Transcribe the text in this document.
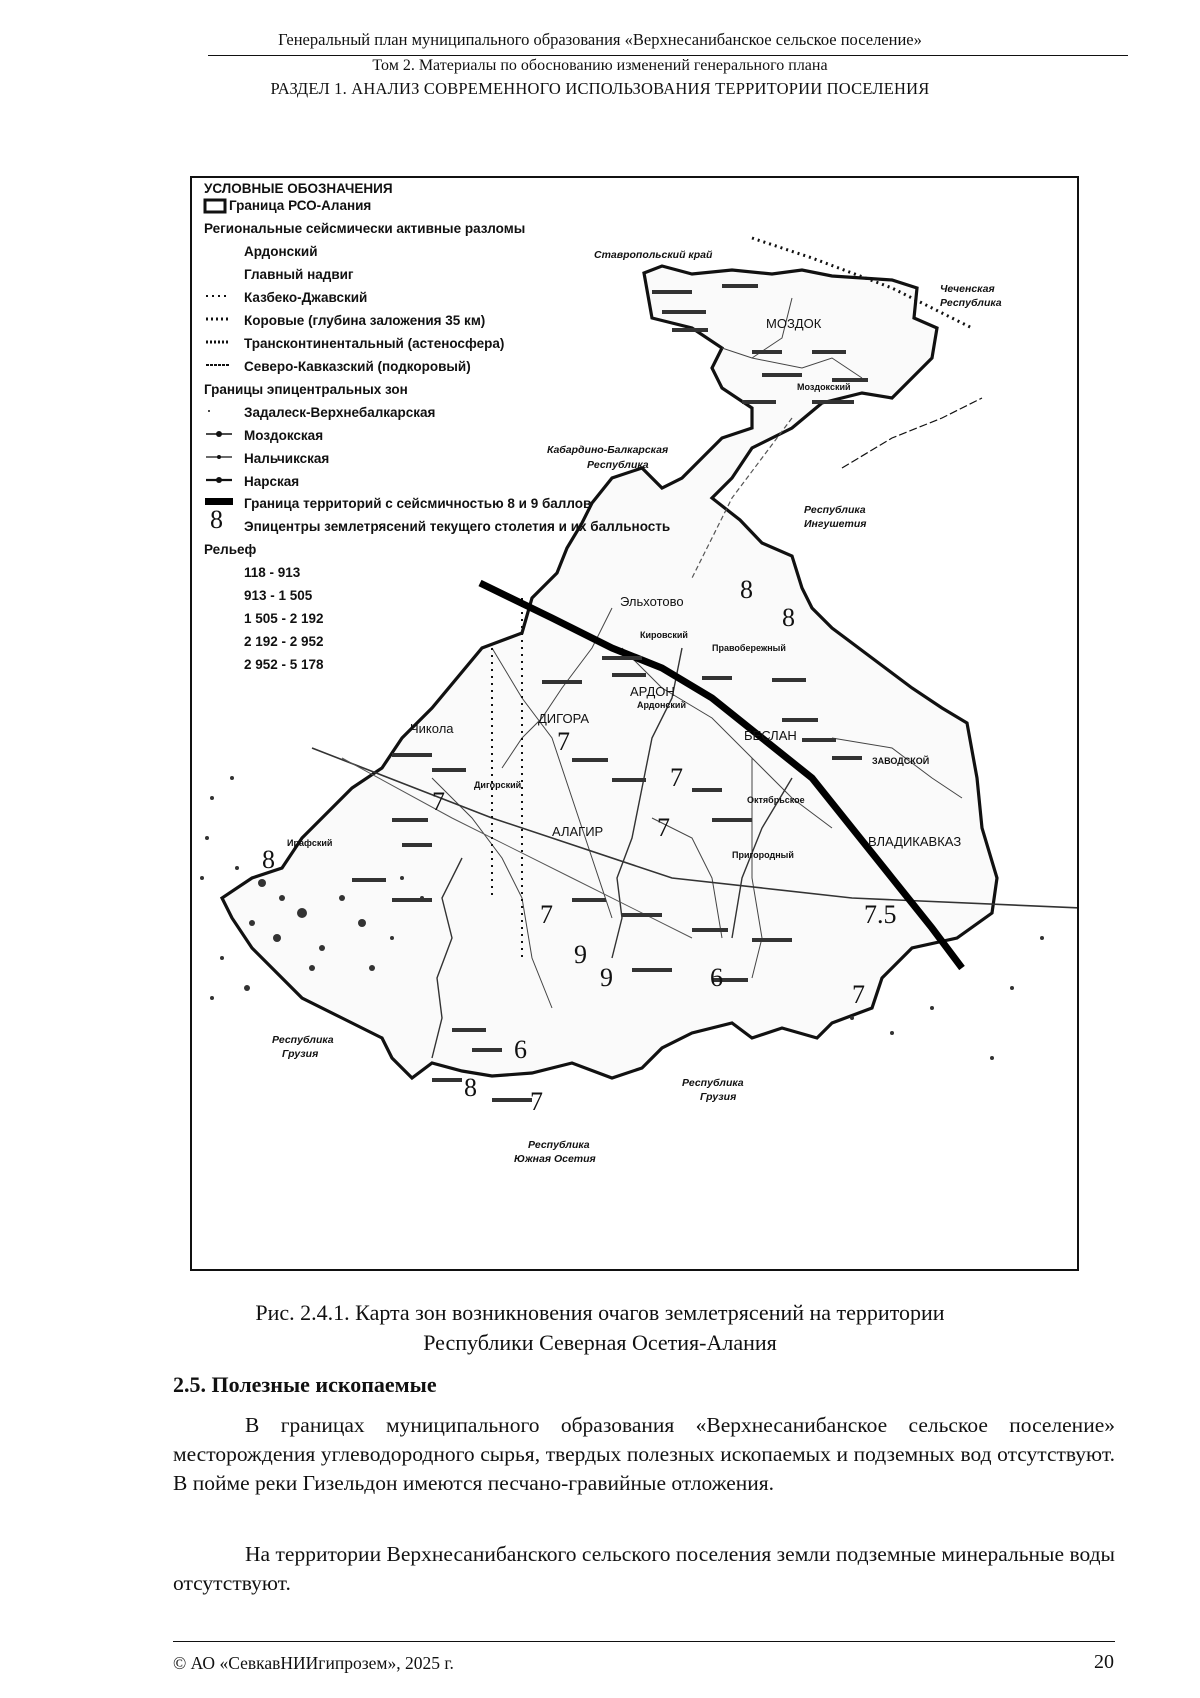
Генеральный план муниципального образования «Верхнесанибанское сельское поселение»
Том 2. Материалы по обоснованию изменений генерального плана
РАЗДЕЛ 1. АНАЛИЗ СОВРЕМЕННОГО ИСПОЛЬЗОВАНИЯ ТЕРРИТОРИИ ПОСЕЛЕНИЯ
УСЛОВНЫЕ ОБОЗНАЧЕНИЯ
Граница РСО-Алания
Региональные сейсмически активные разломы
Ардонский
Главный надвиг
Казбеко-Джавский
Коровые (глубина заложения 35 км)
Трансконтинентальный (астеносфера)
Северо-Кавказский (подкоровый)
Границы эпицентральных зон
Задалеск-Верхнебалкарская
Моздокская
Нальчикская
Нарская
Граница территорий с сейсмичностью 8 и 9 баллов
8 Эпицентры землетрясений текущего столетия и их балльность
Рельеф
118 - 913
913 - 1 505
1 505 - 2 192
2 192 - 2 952
2 952 - 5 178
Ставропольский край
Чеченская
Республика
Кабардино-Балкарская
Республика
Республика
Ингушетия
Республика
Грузия
Республика
Грузия
Республика
Южная Осетия
МОЗДОК
Эльхотово
АРДОН
ДИГОРА
Чикола	БЕСЛАН
АЛАГИР
ВЛАДИКАВКАЗ
Октябрьское
ЗАВОДСКОЙ
Кировский
Правобережный
Пригородный
Дигорский
Ардонский
Моздокский
Ирафский
8
8
7
7
7
7
7
8
9
9	6
6
8 7
7
7.5
Рис. 2.4.1. Карта зон возникновения очагов землетрясений на территории
Республики Северная Осетия-Алания
2.5. Полезные ископаемые
В границах муниципального образования «Верхнесанибанское сельское поселение» месторождения углеводородного сырья, твердых полезных ископаемых и подземных вод отсутствуют. В пойме реки Гизельдон имеются песчано-гравийные отложения.
На территории Верхнесанибанского сельского поселения земли подземные минеральные воды отсутствуют.
© АО «СевкавНИИгипрозем», 2025 г.	20
